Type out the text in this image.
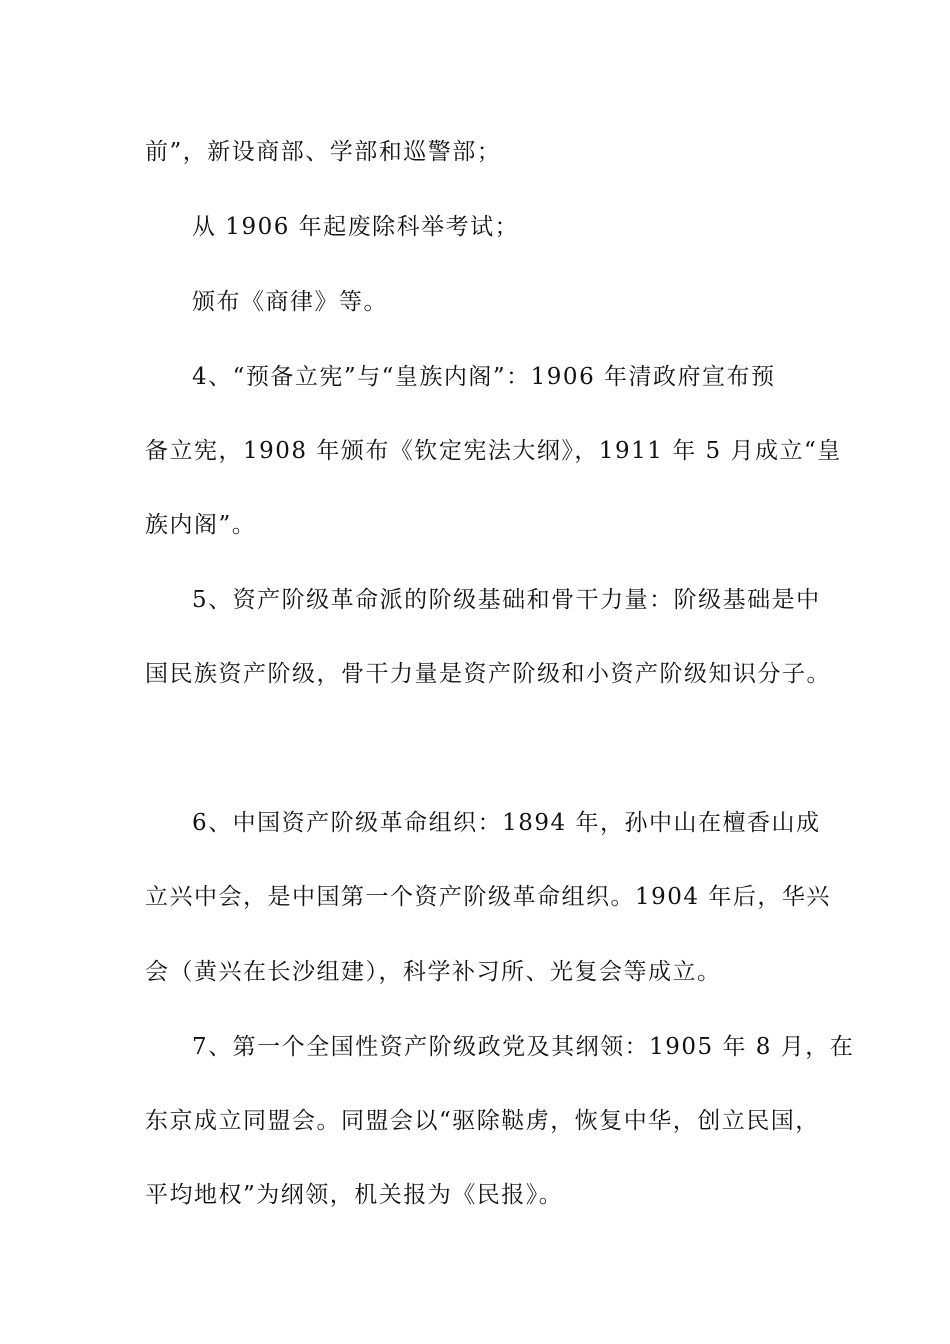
前”，新设商部、学部和巡警部；
从 1906 年起废除科举考试；
颁布《商律》等。
4、“预备立宪”与“皇族内阁”：1906 年清政府宣布预
备立宪，1908 年颁布《钦定宪法大纲》，1911 年 5 月成立“皇
族内阁”。
5、资产阶级革命派的阶级基础和骨干力量：阶级基础是中
国民族资产阶级，骨干力量是资产阶级和小资产阶级知识分子。
6、中国资产阶级革命组织：1894 年，孙中山在檀香山成
立兴中会，是中国第一个资产阶级革命组织。1904 年后，华兴
会（黄兴在长沙组建），科学补习所、光复会等成立。
7、第一个全国性资产阶级政党及其纲领：1905 年 8 月，在
东京成立同盟会。同盟会以“驱除鞑虏，恢复中华，创立民国，
平均地权”为纲领，机关报为《民报》。
